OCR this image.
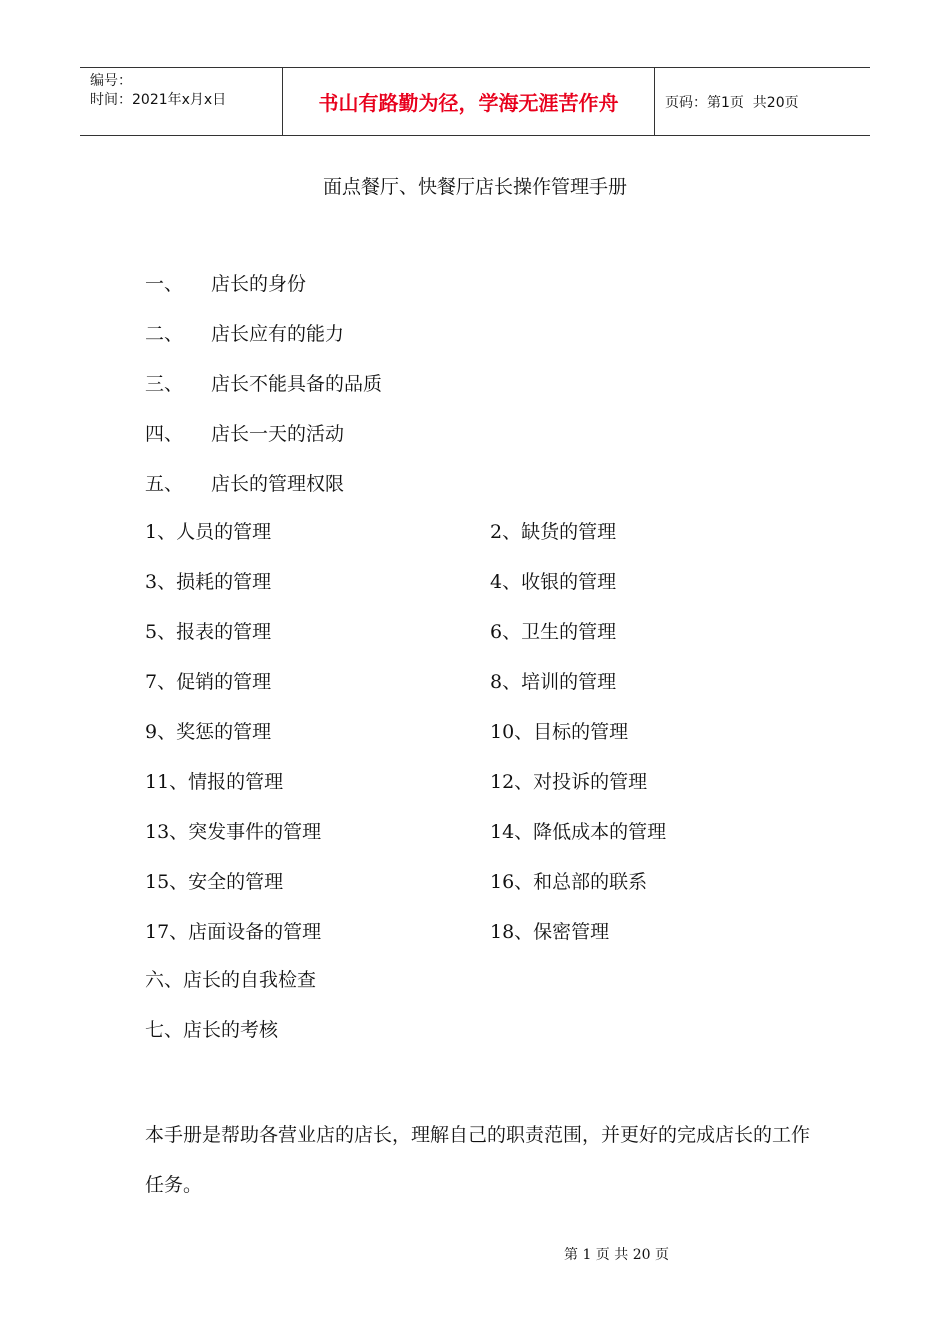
编号：
时间：2021年x月x日	书山有路勤为径，学海无涯苦作舟	页码：第1页  共20页
面点餐厅、快餐厅店长操作管理手册
一、 店长的身份
二、 店长应有的能力
三、 店长不能具备的品质
四、 店长一天的活动
五、 店长的管理权限
1、人员的管理	2、缺货的管理
3、损耗的管理	4、收银的管理
5、报表的管理	6、卫生的管理
7、促销的管理	8、培训的管理
9、奖惩的管理	10、目标的管理
11、情报的管理	12、对投诉的管理
13、突发事件的管理	14、降低成本的管理
15、安全的管理	16、和总部的联系
17、店面设备的管理	18、保密管理
六、店长的自我检查
七、店长的考核
本手册是帮助各营业店的店长，理解自己的职责范围，并更好的完成店长的工作任务。
第 1 页 共 20 页
